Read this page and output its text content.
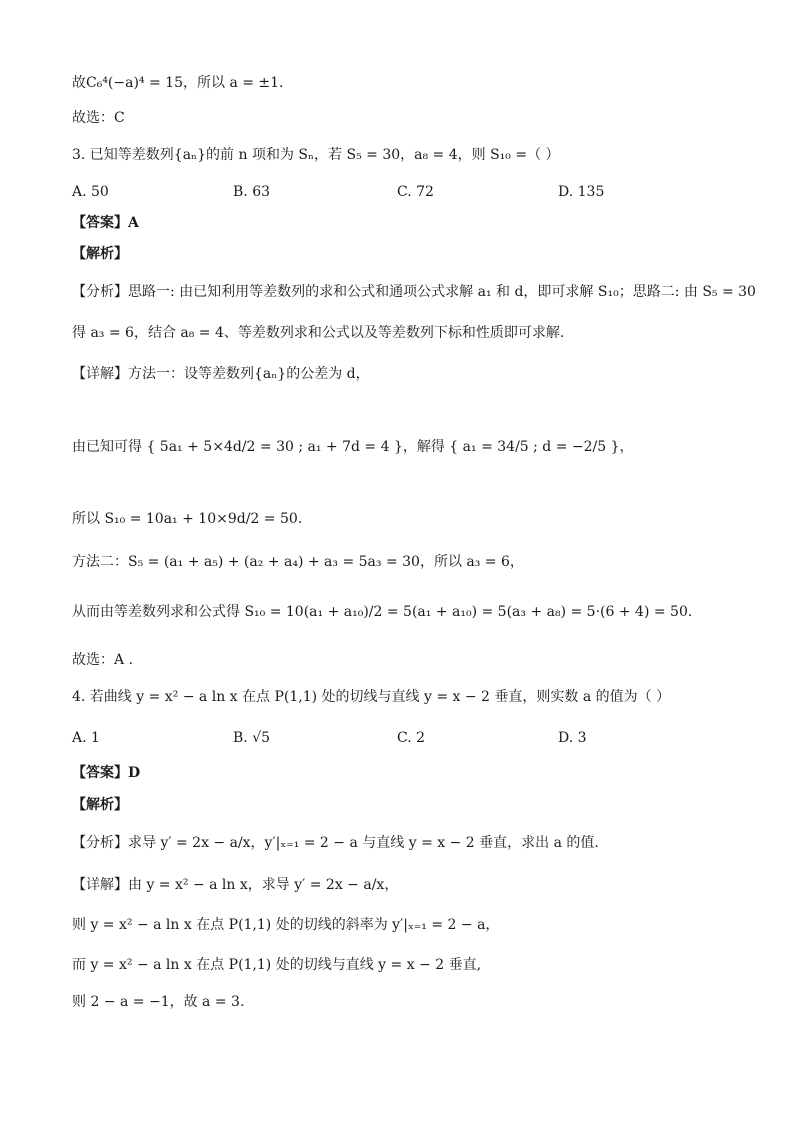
故C₆⁴(−a)⁴ = 15，所以 a = ±1.
故选：C
3. 已知等差数列{aₙ}的前 n 项和为 Sₙ，若 S₅ = 30，a₈ = 4，则 S₁₀ =（ ）
A. 50	B. 63	C. 72	D. 135
【答案】A
【解析】
【分析】思路一: 由已知利用等差数列的求和公式和通项公式求解 a₁ 和 d，即可求解 S₁₀；思路二: 由 S₅ = 30
得 a₃ = 6，结合 a₈ = 4、等差数列求和公式以及等差数列下标和性质即可求解.
【详解】方法一：设等差数列{aₙ}的公差为 d，
由已知可得 { 5a₁ + 5×4d/2 = 30 ; a₁ + 7d = 4 }，解得 { a₁ = 34/5 ; d = −2/5 }，
所以 S₁₀ = 10a₁ + 10×9d/2 = 50.
方法二：S₅ = (a₁ + a₅) + (a₂ + a₄) + a₃ = 5a₃ = 30，所以 a₃ = 6，
从而由等差数列求和公式得 S₁₀ = 10(a₁ + a₁₀)/2 = 5(a₁ + a₁₀) = 5(a₃ + a₈) = 5·(6 + 4) = 50.
故选：A .
4. 若曲线 y = x² − a ln x 在点 P(1,1) 处的切线与直线 y = x − 2 垂直，则实数 a 的值为（ ）
A. 1	B. √5	C. 2	D. 3
【答案】D
【解析】
【分析】求导 y′ = 2x − a/x，y′|ₓ₌₁ = 2 − a 与直线 y = x − 2 垂直，求出 a 的值.
【详解】由 y = x² − a ln x，求导 y′ = 2x − a/x，
则 y = x² − a ln x 在点 P(1,1) 处的切线的斜率为 y′|ₓ₌₁ = 2 − a，
而 y = x² − a ln x 在点 P(1,1) 处的切线与直线 y = x − 2 垂直,
则 2 − a = −1，故 a = 3.
